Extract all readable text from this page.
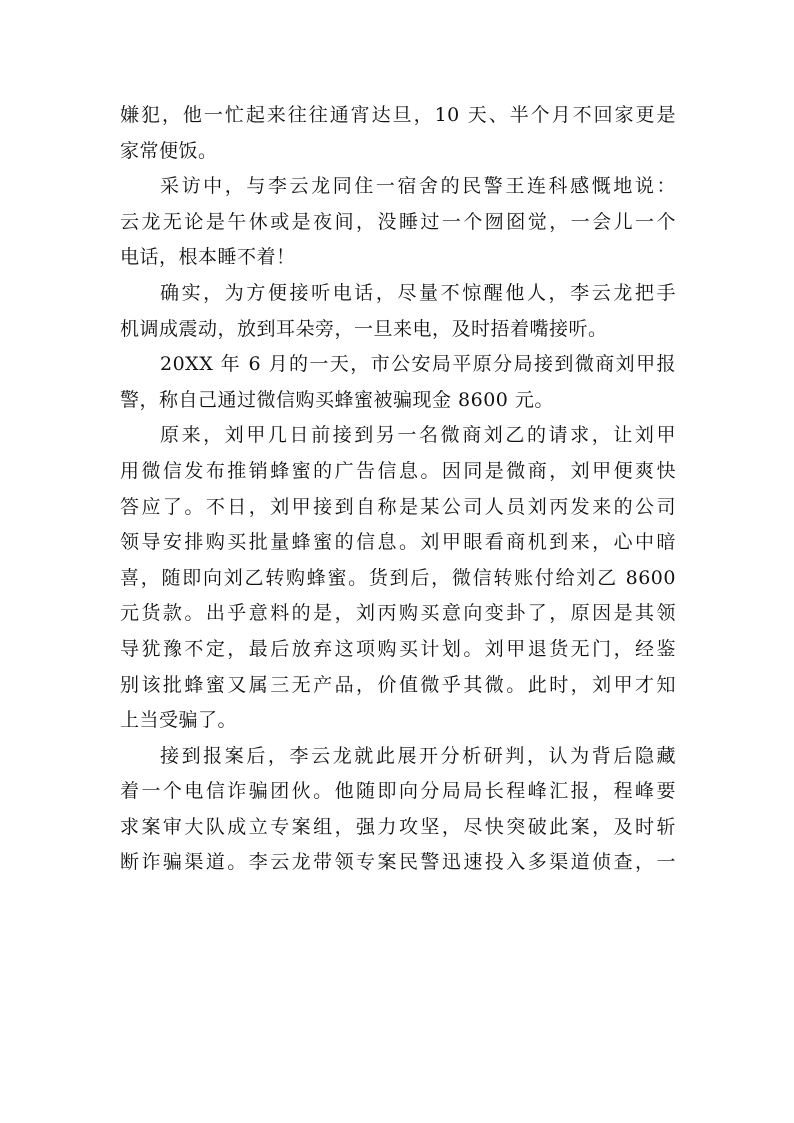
嫌犯，他一忙起来往往通宵达旦，10 天、半个月不回家更是
家常便饭。
采访中，与李云龙同住一宿舍的民警王连科感慨地说：
云龙无论是午休或是夜间，没睡过一个囫囵觉，一会儿一个
电话，根本睡不着！
确实，为方便接听电话，尽量不惊醒他人，李云龙把手
机调成震动，放到耳朵旁，一旦来电，及时捂着嘴接听。
20XX 年 6 月的一天，市公安局平原分局接到微商刘甲报
警，称自己通过微信购买蜂蜜被骗现金 8600 元。
原来，刘甲几日前接到另一名微商刘乙的请求，让刘甲
用微信发布推销蜂蜜的广告信息。因同是微商，刘甲便爽快
答应了。不日，刘甲接到自称是某公司人员刘丙发来的公司
领导安排购买批量蜂蜜的信息。刘甲眼看商机到来，心中暗
喜，随即向刘乙转购蜂蜜。货到后，微信转账付给刘乙 8600
元货款。出乎意料的是，刘丙购买意向变卦了，原因是其领
导犹豫不定，最后放弃这项购买计划。刘甲退货无门，经鉴
别该批蜂蜜又属三无产品，价值微乎其微。此时，刘甲才知
上当受骗了。
接到报案后，李云龙就此展开分析研判，认为背后隐藏
着一个电信诈骗团伙。他随即向分局局长程峰汇报，程峰要
求案审大队成立专案组，强力攻坚，尽快突破此案，及时斩
断诈骗渠道。李云龙带领专案民警迅速投入多渠道侦查，一
